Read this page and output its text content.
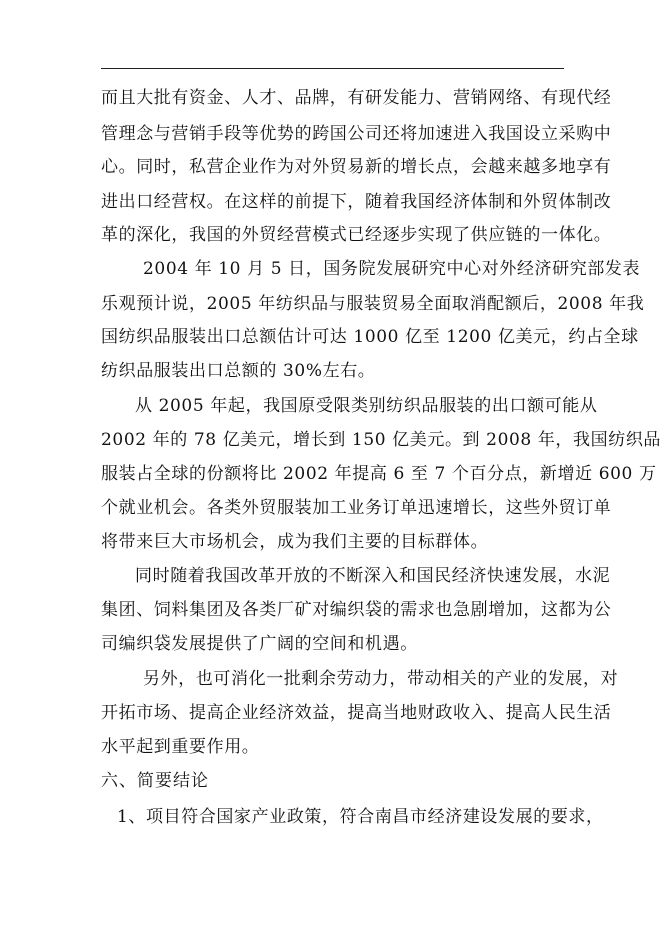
而且大批有资金、人才、品牌，有研发能力、营销网络、有现代经
管理念与营销手段等优势的跨国公司还将加速进入我国设立采购中
心。同时，私营企业作为对外贸易新的增长点，会越来越多地享有
进出口经营权。在这样的前提下，随着我国经济体制和外贸体制改
革的深化，我国的外贸经营模式已经逐步实现了供应链的一体化。
2004 年 10 月 5 日，国务院发展研究中心对外经济研究部发表
乐观预计说，2005 年纺织品与服装贸易全面取消配额后，2008 年我
国纺织品服装出口总额估计可达 1000 亿至 1200 亿美元，约占全球
纺织品服装出口总额的 30%左右。
从 2005 年起，我国原受限类别纺织品服装的出口额可能从
2002 年的 78 亿美元，增长到 150 亿美元。到 2008 年，我国纺织品
服装占全球的份额将比 2002 年提高 6 至 7 个百分点，新增近 600 万
个就业机会。各类外贸服装加工业务订单迅速增长，这些外贸订单
将带来巨大市场机会，成为我们主要的目标群体。
同时随着我国改革开放的不断深入和国民经济快速发展，水泥
集团、饲料集团及各类厂矿对编织袋的需求也急剧增加，这都为公
司编织袋发展提供了广阔的空间和机遇。
另外，也可消化一批剩余劳动力，带动相关的产业的发展，对
开拓市场、提高企业经济效益，提高当地财政收入、提高人民生活
水平起到重要作用。
六、简要结论
1、项目符合国家产业政策，符合南昌市经济建设发展的要求，
